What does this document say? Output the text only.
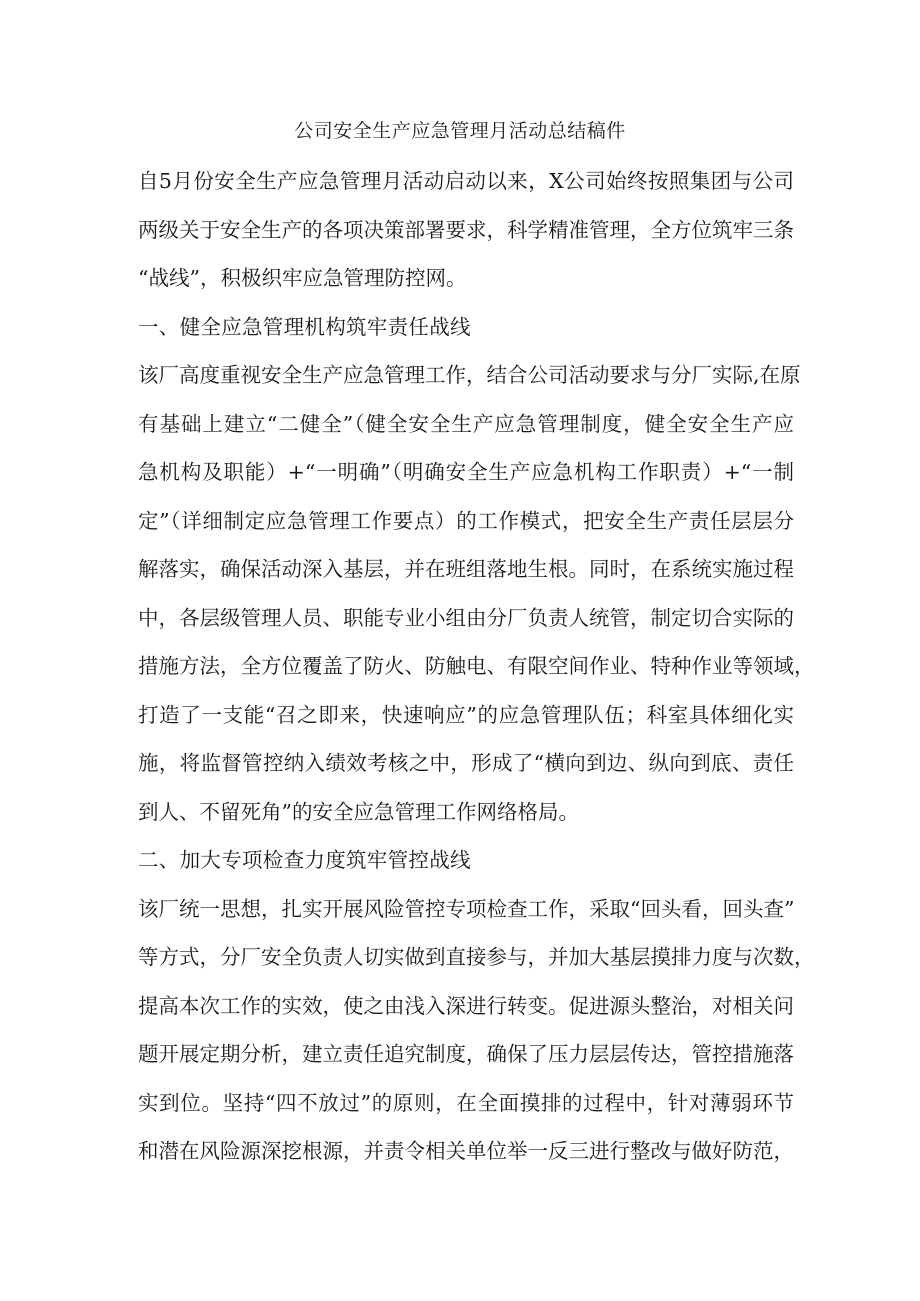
公司安全生产应急管理月活动总结稿件
自5月份安全生产应急管理月活动启动以来，X公司始终按照集团与公司
两级关于安全生产的各项决策部署要求，科学精准管理，全方位筑牢三条
“战线”，积极织牢应急管理防控网。
一、健全应急管理机构筑牢责任战线
该厂高度重视安全生产应急管理工作，结合公司活动要求与分厂实际,在原
有基础上建立“二健全”（健全安全生产应急管理制度，健全安全生产应
急机构及职能）+“一明确”（明确安全生产应急机构工作职责）+“一制
定”（详细制定应急管理工作要点）的工作模式，把安全生产责任层层分
解落实，确保活动深入基层，并在班组落地生根。同时，在系统实施过程
中，各层级管理人员、职能专业小组由分厂负责人统管，制定切合实际的
措施方法，全方位覆盖了防火、防触电、有限空间作业、特种作业等领域，
打造了一支能“召之即来，快速响应”的应急管理队伍；科室具体细化实
施，将监督管控纳入绩效考核之中，形成了“横向到边、纵向到底、责任
到人、不留死角”的安全应急管理工作网络格局。
二、加大专项检查力度筑牢管控战线
该厂统一思想，扎实开展风险管控专项检查工作，采取“回头看，回头查”
等方式，分厂安全负责人切实做到直接参与，并加大基层摸排力度与次数，
提高本次工作的实效，使之由浅入深进行转变。促进源头整治，对相关问
题开展定期分析，建立责任追究制度，确保了压力层层传达，管控措施落
实到位。坚持“四不放过”的原则，在全面摸排的过程中，针对薄弱环节
和潜在风险源深挖根源，并责令相关单位举一反三进行整改与做好防范，
